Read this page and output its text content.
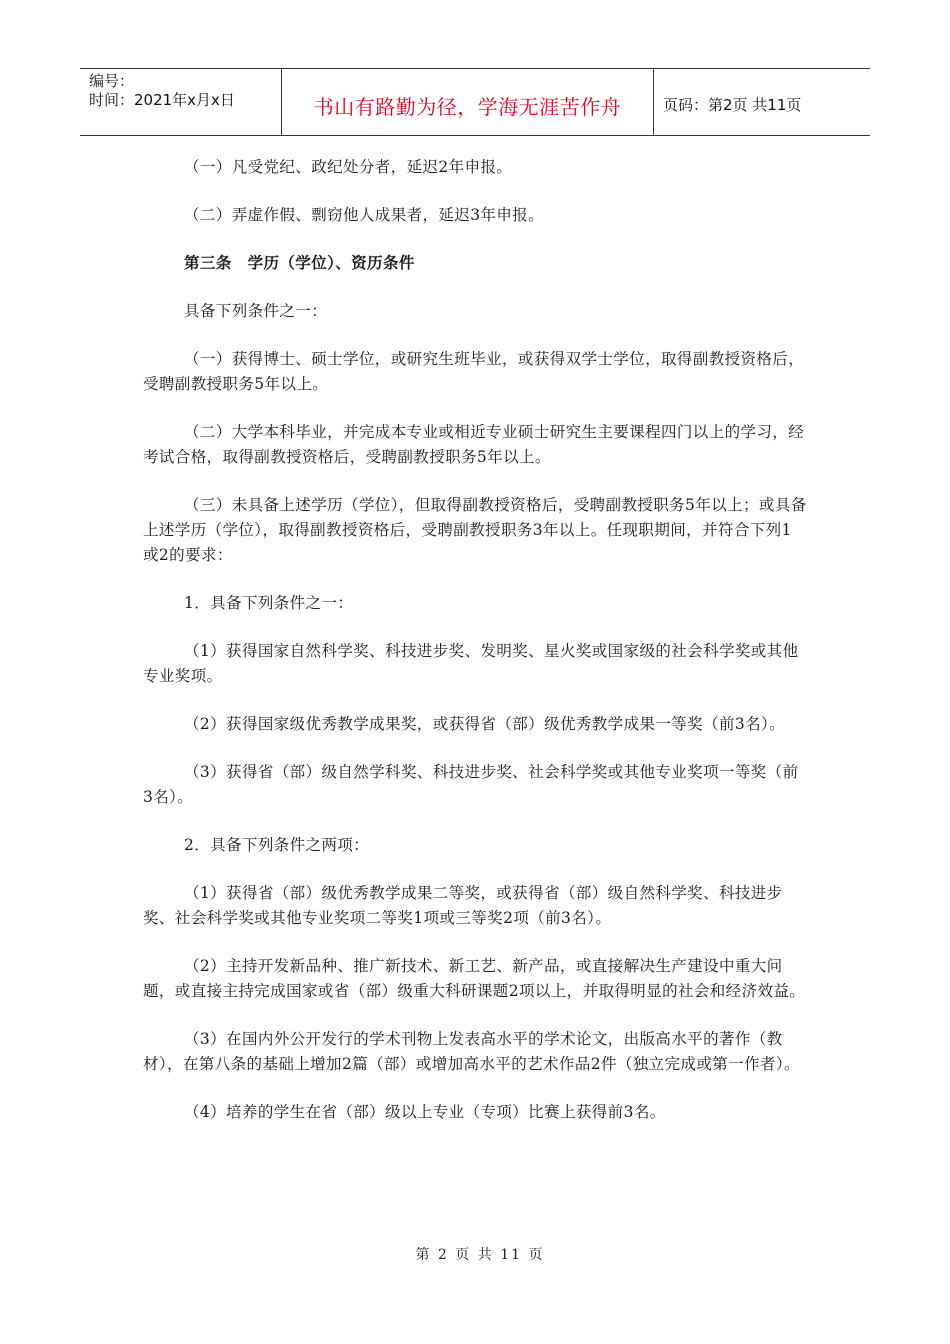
编号：
时间：2021年x月x日	书山有路勤为径，学海无涯苦作舟	页码：第2页 共11页

（一）凡受党纪、政纪处分者，延迟2年申报。

（二）弄虚作假、剽窃他人成果者，延迟3年申报。

第三条　学历（学位）、资历条件

具备下列条件之一：

（一）获得博士、硕士学位，或研究生班毕业，或获得双学士学位，取得副教授资格后，受聘副教授职务5年以上。

（二）大学本科毕业，并完成本专业或相近专业硕士研究生主要课程四门以上的学习，经考试合格，取得副教授资格后，受聘副教授职务5年以上。

（三）未具备上述学历（学位），但取得副教授资格后，受聘副教授职务5年以上；或具备上述学历（学位），取得副教授资格后，受聘副教授职务3年以上。任现职期间，并符合下列1或2的要求：

1．具备下列条件之一：

（1）获得国家自然科学奖、科技进步奖、发明奖、星火奖或国家级的社会科学奖或其他专业奖项。

（2）获得国家级优秀教学成果奖，或获得省（部）级优秀教学成果一等奖（前3名）。

（3）获得省（部）级自然学科奖、科技进步奖、社会科学奖或其他专业奖项一等奖（前3名）。

2．具备下列条件之两项：

（1）获得省（部）级优秀教学成果二等奖，或获得省（部）级自然科学奖、科技进步奖、社会科学奖或其他专业奖项二等奖1项或三等奖2项（前3名）。

（2）主持开发新品种、推广新技术、新工艺、新产品，或直接解决生产建设中重大问题，或直接主持完成国家或省（部）级重大科研课题2项以上，并取得明显的社会和经济效益。

（3）在国内外公开发行的学术刊物上发表高水平的学术论文，出版高水平的著作（教材），在第八条的基础上增加2篇（部）或增加高水平的艺术作品2件（独立完成或第一作者）。

（4）培养的学生在省（部）级以上专业（专项）比赛上获得前3名。

第 2 页 共 11 页
